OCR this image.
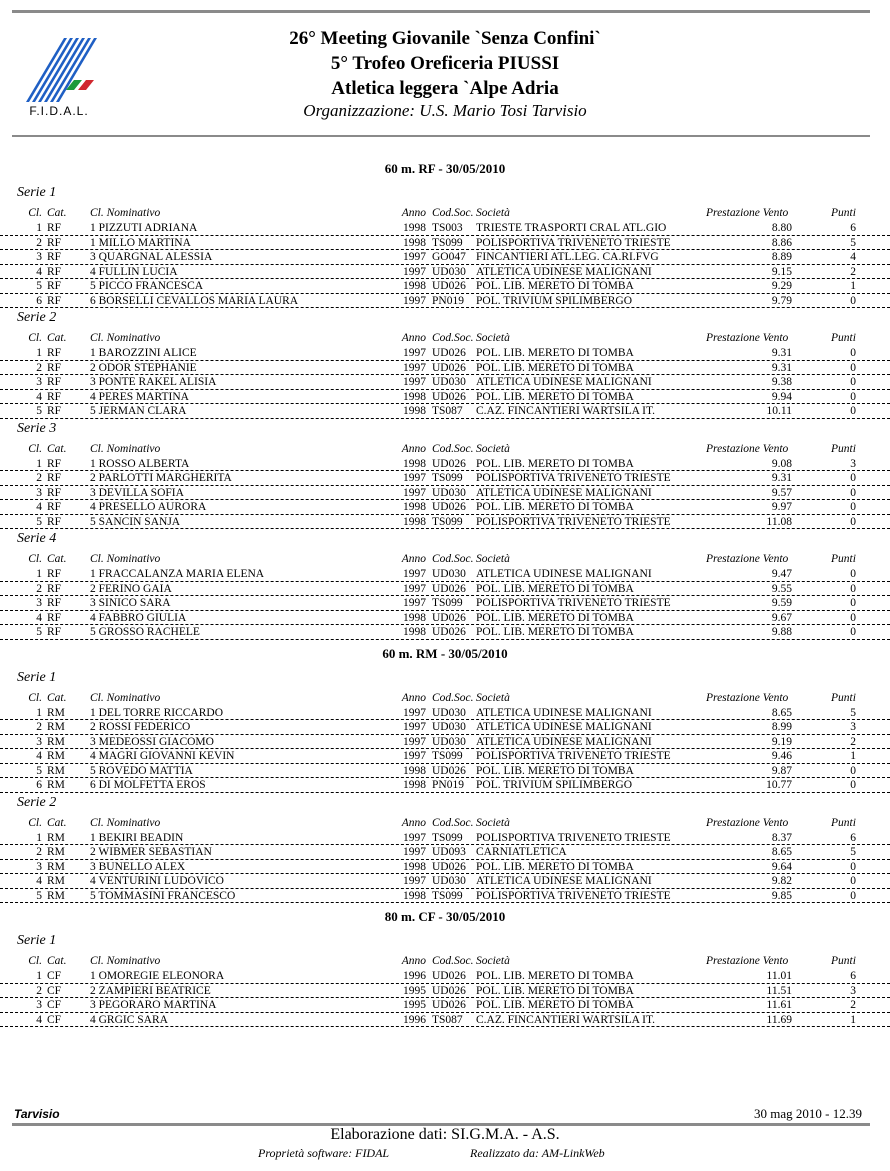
F.I.D.A.L.
26° Meeting Giovanile `Senza Confini`
5° Trofeo Oreficeria PIUSSI
Atletica leggera `Alpe Adria
Organizzazione: U.S. Mario Tosi Tarvisio
60 m. RF - 30/05/2010
Serie 1
Cl. Cat. Cl. Nominativo	Anno Cod.Soc. Società	Prestazione Vento	Punti
1 RF	1 PIZZUTI ADRIANA	1998 TS003 TRIESTE TRASPORTI CRAL ATL.GIO	8.80	6
2 RF	1 MILLO MARTINA	1998 TS099 POLISPORTIVA TRIVENETO TRIESTE	8.86	5
3 RF	3 QUARGNAL ALESSIA	1997 GO047 FINCANTIERI ATL.LEG. CA.RI.FVG	8.89	4
4 RF	4 FULLIN LUCIA	1997 UD030 ATLETICA UDINESE MALIGNANI	9.15	2
5 RF	5 PICCO FRANCESCA	1998 UD026 POL. LIB. MERETO DI TOMBA	9.29	1
6 RF	6 BORSELLI CEVALLOS MARIA LAURA	1997 PN019 POL. TRIVIUM SPILIMBERGO	9.79	0
Serie 2
Cl. Cat. Cl. Nominativo	Anno Cod.Soc. Società	Prestazione Vento	Punti
1 RF	1 BAROZZINI ALICE	1997 UD026 POL. LIB. MERETO DI TOMBA	9.31	0
2 RF	2 ODOR STEPHANIE	1997 UD026 POL. LIB. MERETO DI TOMBA	9.31	0
3 RF	3 PONTE RAKEL ALISIA	1997 UD030 ATLETICA UDINESE MALIGNANI	9.38	0
4 RF	4 PERES MARTINA	1998 UD026 POL. LIB. MERETO DI TOMBA	9.94	0
5 RF	5 JERMAN CLARA	1998 TS087 C.AZ. FINCANTIERI WARTSILA IT.	10.11	0
Serie 3
Cl. Cat. Cl. Nominativo	Anno Cod.Soc. Società	Prestazione Vento	Punti
1 RF	1 ROSSO ALBERTA	1998 UD026 POL. LIB. MERETO DI TOMBA	9.08	3
2 RF	2 PARLOTTI MARGHERITA	1997 TS099 POLISPORTIVA TRIVENETO TRIESTE	9.31	0
3 RF	3 DEVILLA SOFIA	1997 UD030 ATLETICA UDINESE MALIGNANI	9.57	0
4 RF	4 PRESELLO AURORA	1998 UD026 POL. LIB. MERETO DI TOMBA	9.97	0
5 RF	5 SANCIN SANJA	1998 TS099 POLISPORTIVA TRIVENETO TRIESTE	11.08	0
Serie 4
Cl. Cat. Cl. Nominativo	Anno Cod.Soc. Società	Prestazione Vento	Punti
1 RF	1 FRACCALANZA MARIA ELENA	1997 UD030 ATLETICA UDINESE MALIGNANI	9.47	0
2 RF	2 FERINO GAIA	1997 UD026 POL. LIB. MERETO DI TOMBA	9.55	0
3 RF	3 SINICO SARA	1997 TS099 POLISPORTIVA TRIVENETO TRIESTE	9.59	0
4 RF	4 FABBRO GIULIA	1998 UD026 POL. LIB. MERETO DI TOMBA	9.67	0
5 RF	5 GROSSO RACHELE	1998 UD026 POL. LIB. MERETO DI TOMBA	9.88	0
60 m. RM - 30/05/2010
Serie 1
Cl. Cat. Cl. Nominativo	Anno Cod.Soc. Società	Prestazione Vento	Punti
1 RM 1 DEL TORRE RICCARDO	1997 UD030 ATLETICA UDINESE MALIGNANI	8.65	5
2 RM 2 ROSSI FEDERICO	1997 UD030 ATLETICA UDINESE MALIGNANI	8.99	3
3 RM 3 MEDEOSSI GIACOMO	1997 UD030 ATLETICA UDINESE MALIGNANI	9.19	2
4 RM 4 MAGRI GIOVANNI KEVIN	1997 TS099 POLISPORTIVA TRIVENETO TRIESTE	9.46	1
5 RM 5 ROVEDO MATTIA	1998 UD026 POL. LIB. MERETO DI TOMBA	9.87	0
6 RM 6 DI MOLFETTA EROS	1998 PN019 POL. TRIVIUM SPILIMBERGO	10.77	0
Serie 2
Cl. Cat. Cl. Nominativo	Anno Cod.Soc. Società	Prestazione Vento	Punti
1 RM 1 BEKIRI BEADIN	1997 TS099 POLISPORTIVA TRIVENETO TRIESTE	8.37	6
2 RM 2 WIBMER SEBASTIAN	1997 UD093 CARNIATLETICA	8.65	5
3 RM 3 BUNELLO ALEX	1998 UD026 POL. LIB. MERETO DI TOMBA	9.64	0
4 RM 4 VENTURINI LUDOVICO	1997 UD030 ATLETICA UDINESE MALIGNANI	9.82	0
5 RM 5 TOMMASINI FRANCESCO	1998 TS099 POLISPORTIVA TRIVENETO TRIESTE	9.85	0
80 m. CF - 30/05/2010
Serie 1
Cl. Cat. Cl. Nominativo	Anno Cod.Soc. Società	Prestazione Vento	Punti
1 CF	1 OMOREGIE ELEONORA	1996 UD026 POL. LIB. MERETO DI TOMBA	11.01	6
2 CF	2 ZAMPIERI BEATRICE	1995 UD026 POL. LIB. MERETO DI TOMBA	11.51	3
3 CF	3 PEGORARO MARTINA	1995 UD026 POL. LIB. MERETO DI TOMBA	11.61	2
4 CF	4 GRGIC SARA	1996 TS087 C.AZ. FINCANTIERI WARTSILA IT.	11.69	1
Tarvisio	30 mag 2010 - 12.39
Elaborazione dati: SI.G.M.A. - A.S.
Proprietà software: FIDAL	Realizzato da: AM-LinkWeb
